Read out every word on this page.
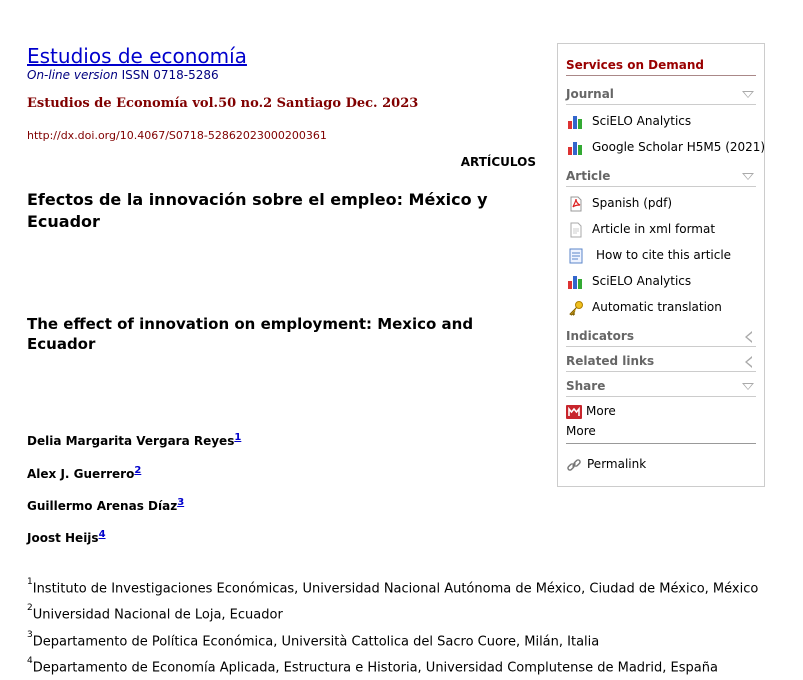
Estudios de economía
On-line version ISSN 0718-5286
Estudios de Economía vol.50 no.2 Santiago Dec. 2023
http://dx.doi.org/10.4067/S0718-52862023000200361
ARTÍCULOS
Efectos de la innovación sobre el empleo: México y Ecuador
The effect of innovation on employment: Mexico and Ecuador
Delia Margarita Vergara Reyes$^1$
Alex J. Guerrero$^2$
Guillermo Arenas Díaz$^3$
Joost Heijs$^4$
$^1$Instituto de Investigaciones Económicas, Universidad Nacional Autónoma de México, Ciudad de México, México
$^2$Universidad Nacional de Loja, Ecuador
$^3$Departamento de Política Económica, Università Cattolica del Sacro Cuore, Milán, Italia
$^4$Departamento de Economía Aplicada, Estructura e Historia, Universidad Complutense de Madrid, España
Services on Demand
Journal
SciELO Analytics
Google Scholar H5M5 (2021)
Article
Spanish (pdf)
Article in xml format
How to cite this article
SciELO Analytics
Automatic translation
Indicators
Related links
Share
More
More
Permalink
